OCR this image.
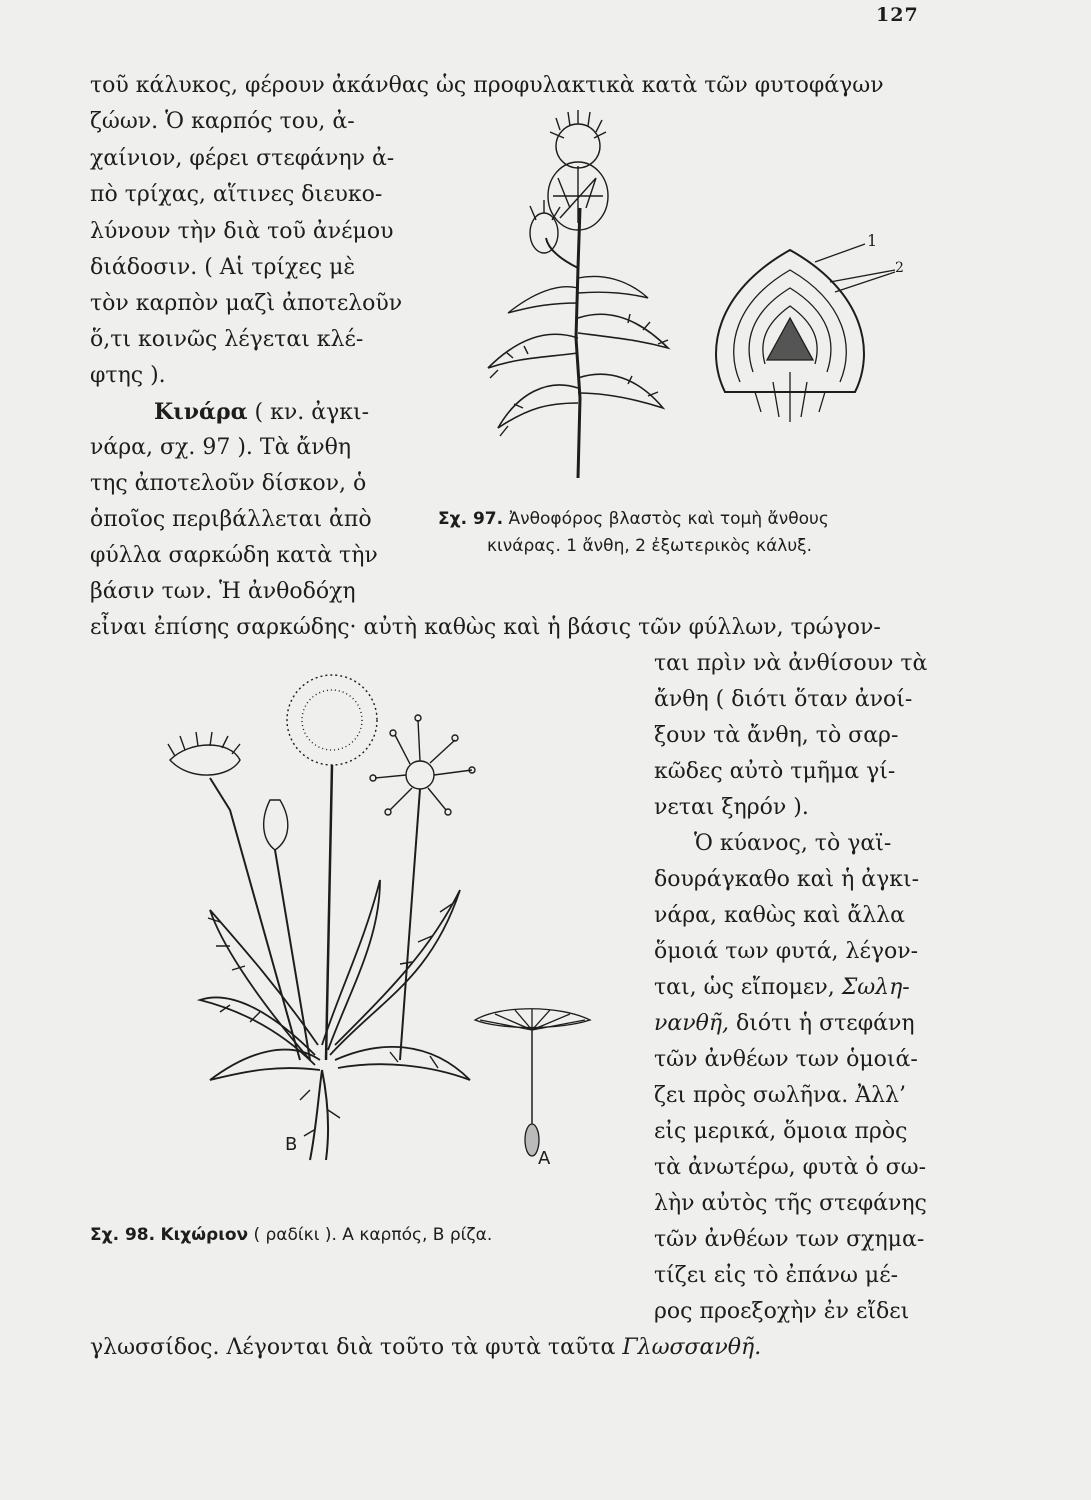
127
τοῦ κάλυκος, φέρουν ἀκάνθας ὡς προφυλακτικὰ κατὰ τῶν φυτοφάγων
ζώων. Ὁ καρπός του, ἀ-
χαίνιον, φέρει στεφάνην ἀ-
πὸ τρίχας, αἵτινες διευκο-
λύνουν τὴν διὰ τοῦ ἀνέμου
διάδοσιν. ( Αἱ τρίχες μὲ
τὸν καρπὸν μαζὶ ἀποτελοῦν
ὅ,τι κοινῶς λέγεται κλέ-
φτης ).
Κινάρα ( κν. ἀγκι-
νάρα, σχ. 97 ). Τὰ ἄνθη
της ἀποτελοῦν δίσκον, ὁ
ὁποῖος περιβάλλεται ἀπὸ
φύλλα σαρκώδη κατὰ τὴν
βάσιν των. Ἡ ἀνθοδόχη
εἶναι ἐπίσης σαρκώδης· αὐτὴ καθὼς καὶ ἡ βάσις τῶν φύλλων, τρώγον-
ται πρὶν νὰ ἀνθίσουν τὰ
ἄνθη ( διότι ὅταν ἀνοί-
ξουν τὰ ἄνθη, τὸ σαρ-
κῶδες αὐτὸ τμῆμα γί-
νεται ξηρόν ).
Ὁ κύανος, τὸ γαϊ-
δουράγκαθο καὶ ἡ ἀγκι-
νάρα, καθὼς καὶ ἄλλα
ὅμοιά των φυτά, λέγον-
ται, ὡς εἴπομεν, Σωλη-
νανθῆ, διότι ἡ στεφάνη
τῶν ἀνθέων των ὁμοιά-
ζει πρὸς σωλῆνα. Ἀλλ’
εἰς μερικά, ὅμοια πρὸς
τὰ ἀνωτέρω, φυτὰ ὁ σω-
λὴν αὐτὸς τῆς στεφάνης
τῶν ἀνθέων των σχημα-
τίζει εἰς τὸ ἐπάνω μέ-
ρος προεξοχὴν ἐν εἴδει
γλωσσίδος. Λέγονται διὰ τοῦτο τὰ φυτὰ ταῦτα Γλωσσανθῆ.
1
2
Σχ. 97. Ἀνθοφόρος βλαστὸς καὶ τομὴ ἄνθους
κινάρας. 1 ἄνθη, 2 ἐξωτερικὸς κάλυξ.
Β
Α
Σχ. 98. Κιχώριον ( ραδίκι ). Α καρπός, Β ρίζα.
